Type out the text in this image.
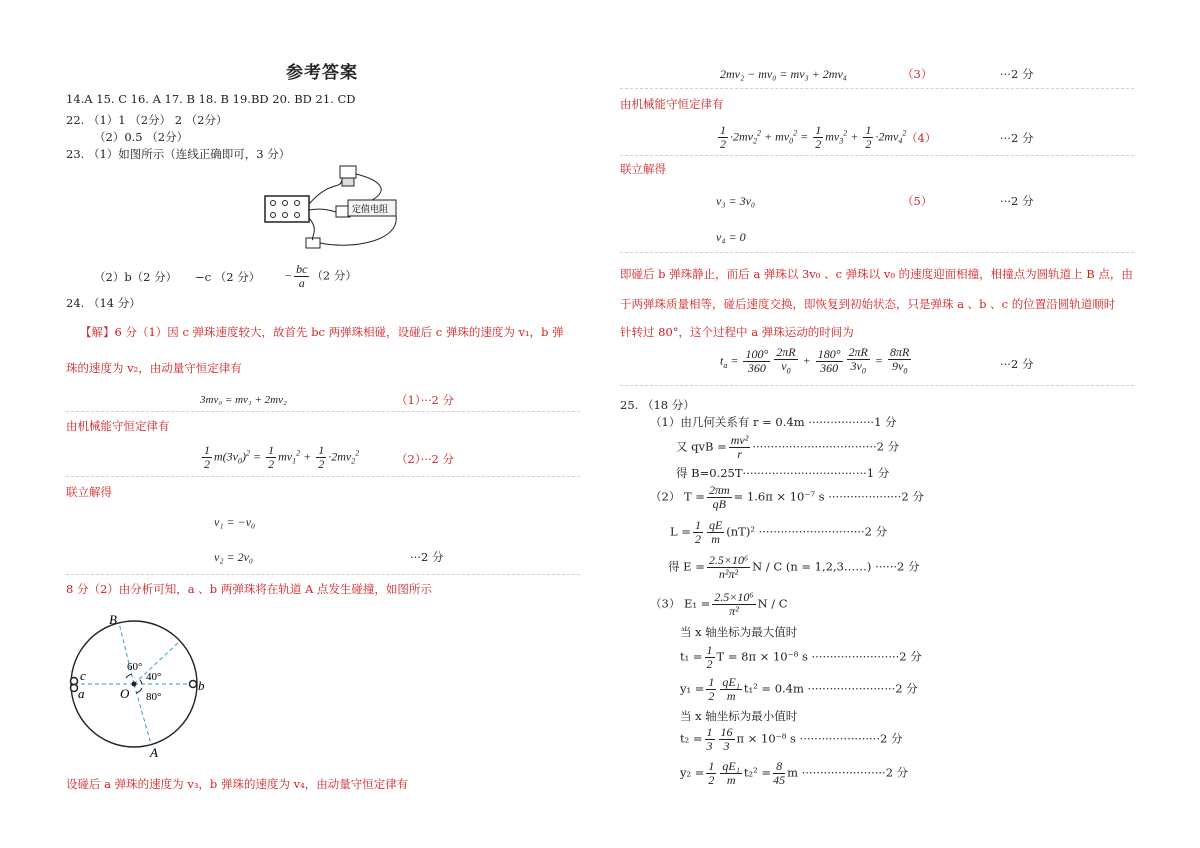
参考答案
14.A 15. C 16. A 17. B 18. B 19.BD 20. BD 21. CD
22. （1）1 （2分） 2 （2分）
（2）0.5 （2分）
23. （1）如图所示（连线正确即可，3 分）
定值电阻
（2）b（2 分） −c （2 分） − $\frac{bc}{a} (2$ 分）
24. （14 分）
【解】6 分（1）因 c 弹珠速度较大，故首先 bc 两弹珠相碰，设碰后 c 弹珠的速度为 v₁，b 弹
珠的速度为 v₂，由动量守恒定律有
3mv₀ = mv₁ + 2mv₂	（1）···2 分
由机械能守恒定律有
$\frac{1}{2} m(3v_0)^2 = \frac{1}{2} mv_1^2 + \frac{1}{2} \cdot 2mv_2^2$	（2）···2 分
联立解得
v₁ = −v₀
v₂ = 2v₀	···2 分
8 分（2）由分析可知，a 、b 两弹珠将在轨道 A 点发生碰撞，如图所示
B
A
O
c
a
b
60°
40°
80°
设碰后 a 弹珠的速度为 v₃，b 弹珠的速度为 v₄，由动量守恒定律有
2mv₂ − mv₀ = mv₃ + 2mv₄	（3）	···2 分
由机械能守恒定律有
$\frac{1}{2} \cdot 2mv_2^2 + mv_0^2 = \frac{1}{2} mv_3^2 + \frac{1}{2} \cdot 2mv_4^2$ （4）	···2 分
联立解得
v₃ = 3v₀	（5）	···2 分
v₄ = 0
即碰后 b 弹珠静止，而后 a 弹珠以 3v₀ 、c 弹珠以 v₀ 的速度迎面相撞，相撞点为圆轨道上 B 点，由
于两弹珠质量相等，碰后速度交换，即恢复到初始状态，只是弹珠 a 、b 、c 的位置沿圆轨道顺时
针转过 80°，这个过程中 a 弹珠运动的时间为
$t_a = \frac{100^\circ}{360} \frac{2\pi R}{v_0} + \frac{180^\circ}{360} \frac{2\pi R}{3v_0} = \frac{8\pi R}{9v_0}$	···2 分
25. （18 分）
（1）由几何关系有 r = 0.4m ··················1 分
又 qvB = $\frac{\text{mv²}}{r} \cdot\cdot\cdot\cdot\cdot\cdot\cdot\cdot\cdot\cdot\cdot\cdot\cdot\cdot\cdot\cdot\cdot\cdot\cdot\cdot\cdot\cdot\cdot\cdot\cdot\cdot\cdot\cdot\cdot\cdot\cdot\cdot\cdot\cdot 2$ 分
得 B=0.25T··································1 分
（2） $T = \frac{2\pi m}{qB} = 1.6\pi \times 10^{-7}$ s ····················2 分
$L = \frac{1}{2} \frac{qE}{m} (nT)^2 \cdot\cdot\cdot\cdot\cdot\cdot\cdot\cdot\cdot\cdot\cdot\cdot\cdot\cdot\cdot\cdot\cdot\cdot\cdot\cdot\cdot\cdot\cdot\cdot\cdot\cdot\cdot\cdot\cdot 2$ 分
得 $E = \frac{\text{2.5×10⁶}}{\text{n²π²}}$ N / C (n = 1,2,3……) ······2 分
（3） $E_1 = \frac{\text{2.5×10⁶}}{\text{π²}}$ N / C
当 x 轴坐标为最大值时
$t_1 = \frac{1}{2}$ T = 8π × 10⁻⁸ s ························2 分
$y_1 = \frac{1}{2} \frac{\text{qE₁}}{m} t_1^2 = 0.4m \cdot\cdot\cdot\cdot\cdot\cdot\cdot\cdot\cdot\cdot\cdot\cdot\cdot\cdot\cdot\cdot\cdot\cdot\cdot\cdot\cdot\cdot\cdot\cdot 2$ 分
当 x 轴坐标为最小值时
$t_2 = \frac{1}{3} \frac{16}{3}$ π × 10⁻⁸ s ······················2 分
$y_2 = \frac{1}{2} \frac{\text{qE₁}}{m} t_2^2 = \frac{8}{45}$ m ·······················2 分
